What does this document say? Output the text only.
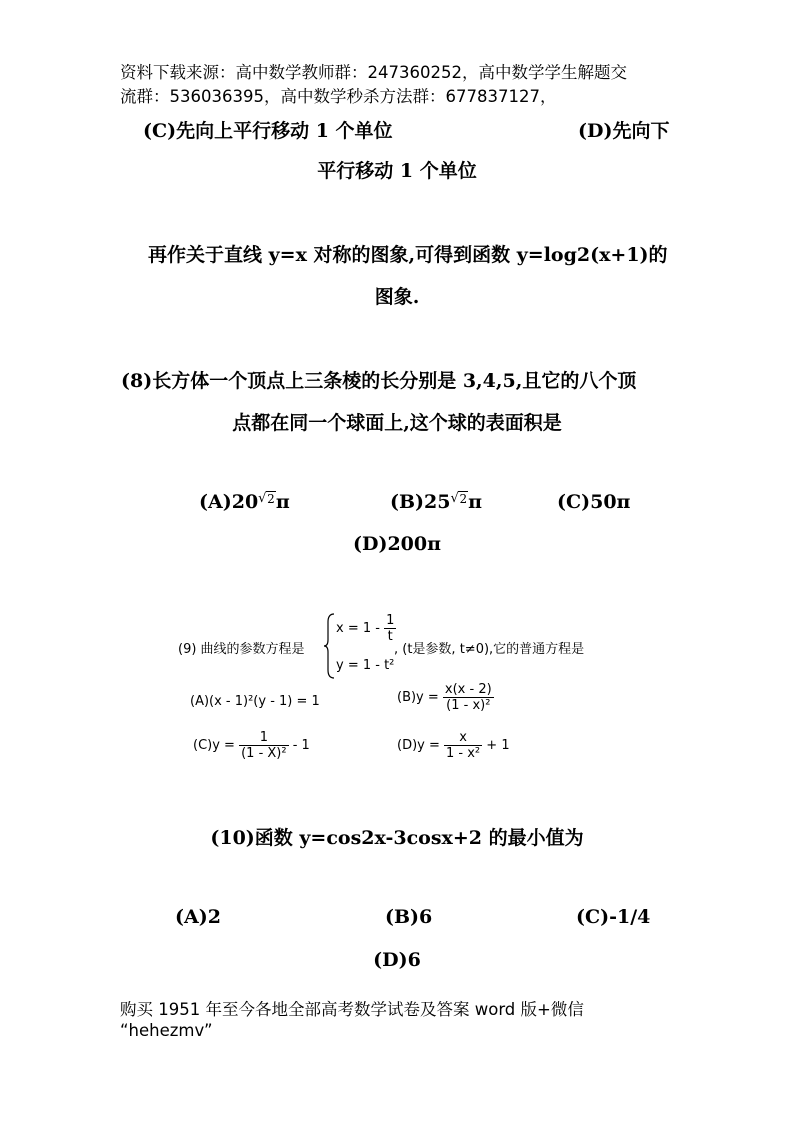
资料下载来源：高中数学教师群：247360252，高中数学学生解题交
流群：536036395，高中数学秒杀方法群：677837127，
(C)先向上平行移动 1 个单位	(D)先向下
平行移动 1 个单位
再作关于直线 y=x 对称的图象,可得到函数 y=log2(x+1)的
图象.
(8)长方体一个顶点上三条棱的长分别是 3,4,5,且它的八个顶
点都在同一个球面上,这个球的表面积是
(A)20 √ 2π	(B)25 √ 2π	(C)50π
(D)200π
(9) 曲线的参数方程是
$x = 1 - \frac{1}{t}$
y = 1 - t²
, (t是参数, t≠0),它的普通方程是
(A)(x - 1)²(y - 1) = 1	$(B)y = \frac{x(x - 2)}{\text{(1 - x)²}}$
$(C)y = \frac{1}{\text{(1 - X)²}} - 1$	$(D)y = \frac{x}{\text{1 - x²}} + 1$
(10)函数 y=cos2x-3cosx+2 的最小值为
(A)2	(B)6	(C)-1/4
(D)6
购买 1951 年至今各地全部高考数学试卷及答案 word 版+微信
“hehezmv”
